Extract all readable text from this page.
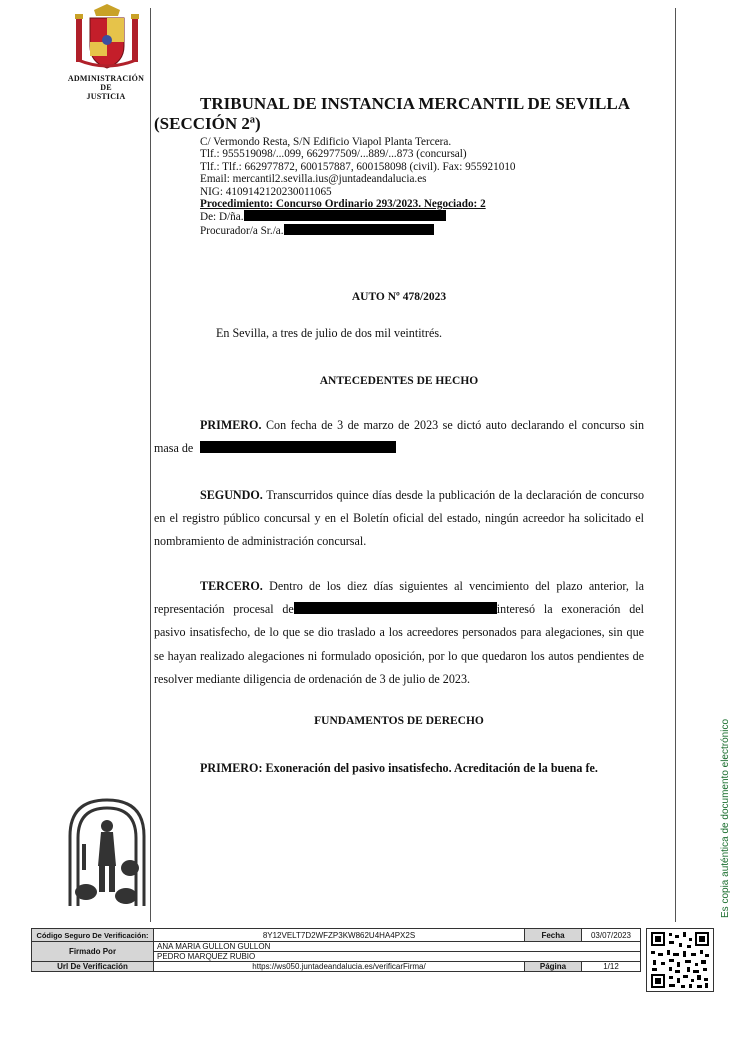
ADMINISTRACIÓN
DE
JUSTICIA	TRIBUNAL DE INSTANCIA MERCANTIL DE SEVILLA (SECCIÓN 2ª)
C/ Vermondo Resta, S/N Edificio Viapol Planta Tercera.
Tlf.: 955519098/...099, 662977509/...889/...873 (concursal)
Tlf.: Tlf.: 662977872, 600157887, 600158098 (civil). Fax: 955921010
Email: mercantil2.sevilla.ius@juntadeandalucia.es
NIG: 4109142120230011065
Procedimiento: Concurso Ordinario 293/2023. Negociado: 2
De: D/ña.
Procurador/a Sr./a.
AUTO Nº 478/2023
En Sevilla, a tres de julio de dos mil veintitrés.
ANTECEDENTES DE HECHO

PRIMERO. Con fecha de 3 de marzo de 2023 se dictó auto declarando el concurso sin masa de

SEGUNDO. Transcurridos quince días desde la publicación de la declaración de concurso en el registro público concursal y en el Boletín oficial del estado, ningún acreedor ha solicitado el nombramiento de administración concursal.

TERCERO. Dentro de los diez días siguientes al vencimiento del plazo anterior, la representación procesal de	interesó la exoneración del pasivo insatisfecho, de lo que se dio traslado a los acreedores personados para alegaciones, sin que se hayan realizado alegaciones ni formulado oposición, por lo que quedaron los autos pendientes de resolver mediante diligencia de ordenación de 3 de julio de 2023.

FUNDAMENTOS DE DERECHO
PRIMERO: Exoneración del pasivo insatisfecho. Acreditación de la buena fe.	Es copia auténtica de documento electrónico
Código Seguro De Verificación:	8Y12VELT7D2WFZP3KW862U4HA4PX2S	Fecha	03/07/2023
Firmado Por	ANA MARIA GULLON GULLON		
	PEDRO MARQUEZ RUBIO		
Url De Verificación	https://ws050.juntadeandalucia.es/verificarFirma/	Página	1/12
